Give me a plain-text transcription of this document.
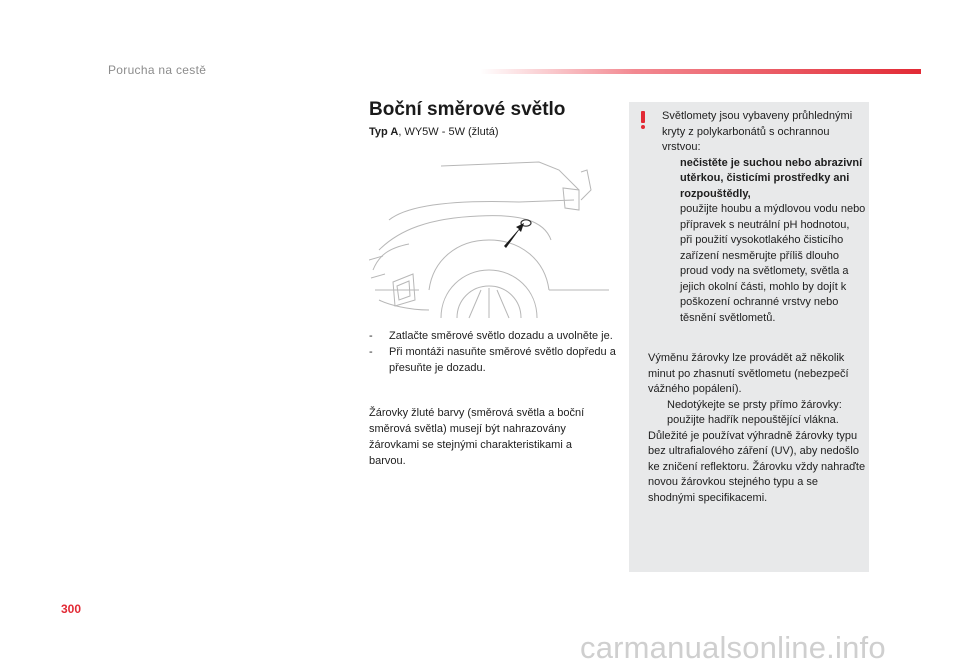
Porucha na cestě
Boční směrové světlo
Typ A, WY5W - 5W (žlutá)
-	Zatlačte směrové světlo dozadu a uvolněte je.
-	Při montáži nasuňte směrové světlo dopředu a přesuňte je dozadu.
Žárovky žluté barvy (směrová světla a boční směrová světla) musejí být nahrazovány žárovkami se stejnými charakteristikami a barvou.
Světlomety jsou vybaveny průhlednými kryty z polykarbonátů s ochrannou vrstvou:
nečistěte je suchou nebo abrazivní utěrkou, čisticími prostředky ani rozpouštědly,
použijte houbu a mýdlovou vodu nebo přípravek s neutrální pH hodnotou,
při použití vysokotlakého čisticího zařízení nesměrujte příliš dlouho proud vody na světlomety, světla a jejich okolní části, mohlo by dojít k poškození ochranné vrstvy nebo těsnění světlometů.
Výměnu žárovky lze provádět až několik minut po zhasnutí světlometu (nebezpečí vážného popálení).
Nedotýkejte se prsty přímo žárovky: použijte hadřík nepouštějící vlákna.
Důležité je používat výhradně žárovky typu bez ultrafialového záření (UV), aby nedošlo ke zničení reflektoru. Žárovku vždy nahraďte novou žárovkou stejného typu a se shodnými specifikacemi.
300
carmanualsonline.info
